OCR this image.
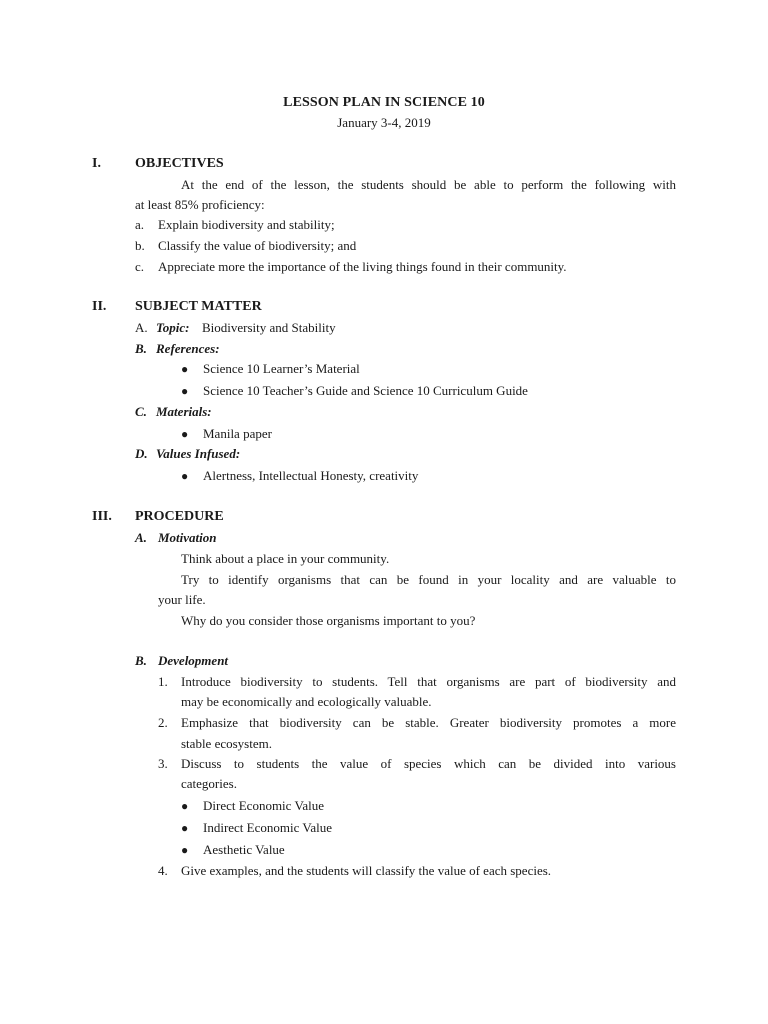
LESSON PLAN IN SCIENCE 10
January 3-4, 2019
I. OBJECTIVES
At the end of the lesson, the students should be able to perform the following with
at least 85% proficiency:
a. Explain biodiversity and stability;
b. Classify the value of biodiversity; and
c. Appreciate more the importance of the living things found in their community.
II. SUBJECT MATTER
A. Topic: Biodiversity and Stability
B. References:
● Science 10 Learner’s Material
● Science 10 Teacher’s Guide and Science 10 Curriculum Guide
C. Materials:
● Manila paper
D. Values Infused:
● Alertness, Intellectual Honesty, creativity
III. PROCEDURE
A. Motivation
Think about a place in your community.
Try to identify organisms that can be found in your locality and are valuable to
your life.
Why do you consider those organisms important to you?
B. Development
1. Introduce biodiversity to students. Tell that organisms are part of biodiversity and
may be economically and ecologically valuable.
2. Emphasize that biodiversity can be stable. Greater biodiversity promotes a more
stable ecosystem.
3. Discuss to students the value of species which can be divided into various
categories.
● Direct Economic Value
● Indirect Economic Value
● Aesthetic Value
4. Give examples, and the students will classify the value of each species.
